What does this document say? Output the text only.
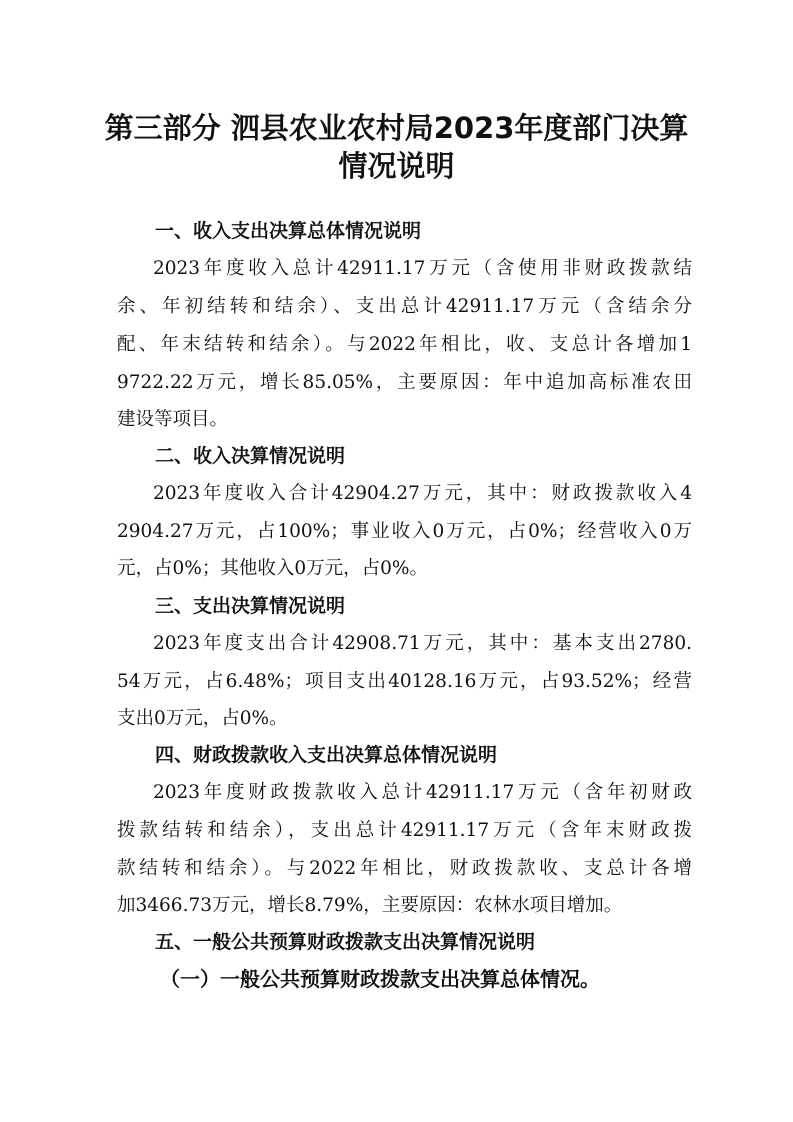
第三部分 泗县农业农村局2023年度部门决算
情况说明
一、收入支出决算总体情况说明
2023年度收入总计42911.17万元（含使用非财政拨款结
余、年初结转和结余）、支出总计42911.17万元（含结余分
配、年末结转和结余）。与2022年相比，收、支总计各增加1
9722.22万元，增长85.05%，主要原因：年中追加高标准农田
建设等项目。
二、收入决算情况说明
2023年度收入合计42904.27万元，其中：财政拨款收入4
2904.27万元，占100%；事业收入0万元，占0%；经营收入0万
元，占0%；其他收入0万元，占0%。
三、支出决算情况说明
2023年度支出合计42908.71万元，其中：基本支出2780.
54万元，占6.48%；项目支出40128.16万元，占93.52%；经营
支出0万元，占0%。
四、财政拨款收入支出决算总体情况说明
2023年度财政拨款收入总计42911.17万元（含年初财政
拨款结转和结余），支出总计42911.17万元（含年末财政拨
款结转和结余）。与2022年相比，财政拨款收、支总计各增
加3466.73万元，增长8.79%，主要原因：农林水项目增加。
五、一般公共预算财政拨款支出决算情况说明
（一）一般公共预算财政拨款支出决算总体情况。
